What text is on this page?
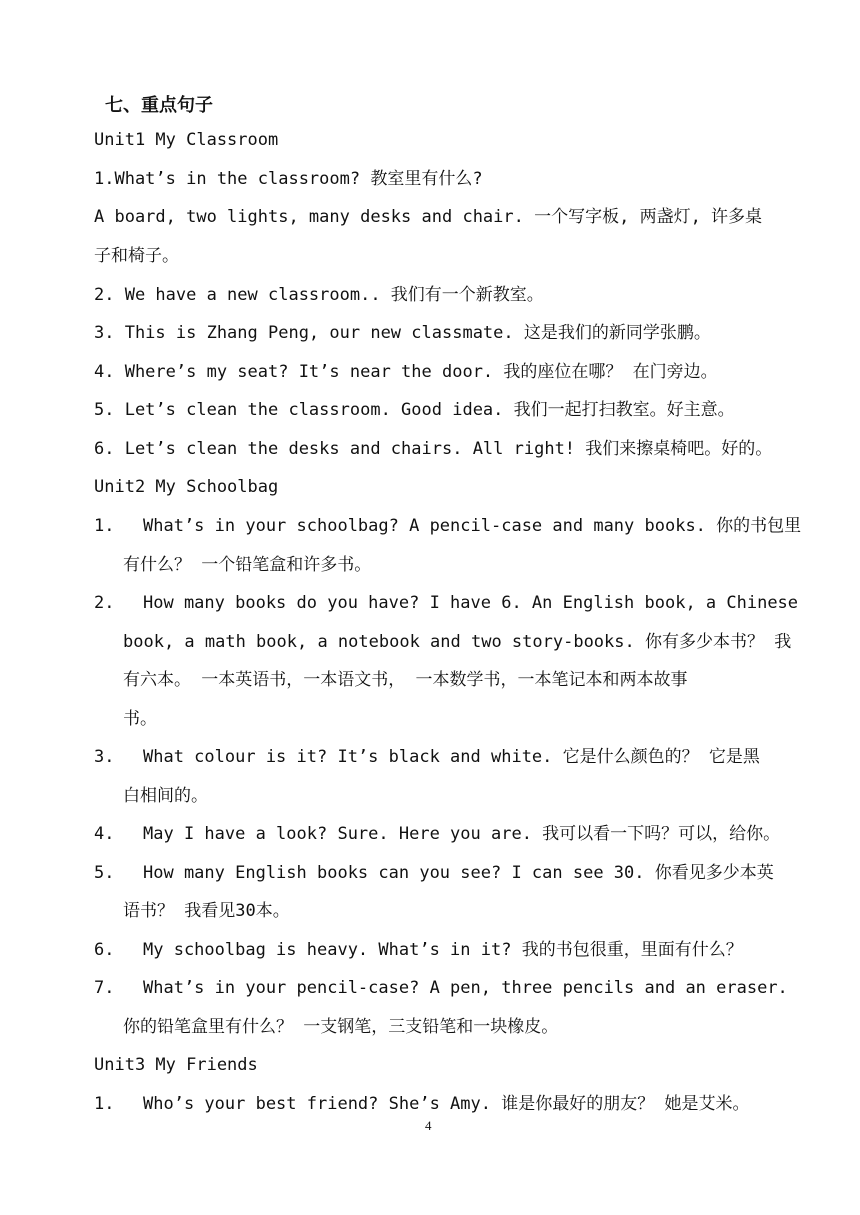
七、重点句子
Unit1 My Classroom
1.What’s in the classroom? 教室里有什么?
A board, two lights, many desks and chair. 一个写字板, 两盏灯, 许多桌
子和椅子。
2. We have a new classroom.. 我们有一个新教室。
3. This is Zhang Peng, our new classmate. 这是我们的新同学张鹏。
4. Where’s my seat? It’s near the door. 我的座位在哪？ 在门旁边。
5. Let’s clean the classroom. Good idea. 我们一起打扫教室。好主意。
6. Let’s clean the desks and chairs. All right! 我们来擦桌椅吧。好的。
Unit2 My Schoolbag
1. What’s in your schoolbag? A pencil-case and many books. 你的书包里
有什么？ 一个铅笔盒和许多书。
2. How many books do you have? I have 6. An English book, a Chinese
book, a math book, a notebook and two story-books. 你有多少本书？ 我
有六本。 一本英语书，一本语文书， 一本数学书，一本笔记本和两本故事
书。
3. What colour is it? It’s black and white. 它是什么颜色的？ 它是黑
白相间的。
4. May I have a look? Sure. Here you are. 我可以看一下吗？可以，给你。
5. How many English books can you see? I can see 30. 你看见多少本英
语书？ 我看见30本。
6. My schoolbag is heavy. What’s in it? 我的书包很重，里面有什么？
7. What’s in your pencil-case? A pen, three pencils and an eraser.
你的铅笔盒里有什么？ 一支钢笔，三支铅笔和一块橡皮。
Unit3 My Friends
1. Who’s your best friend? She’s Amy. 谁是你最好的朋友？ 她是艾米。
4
